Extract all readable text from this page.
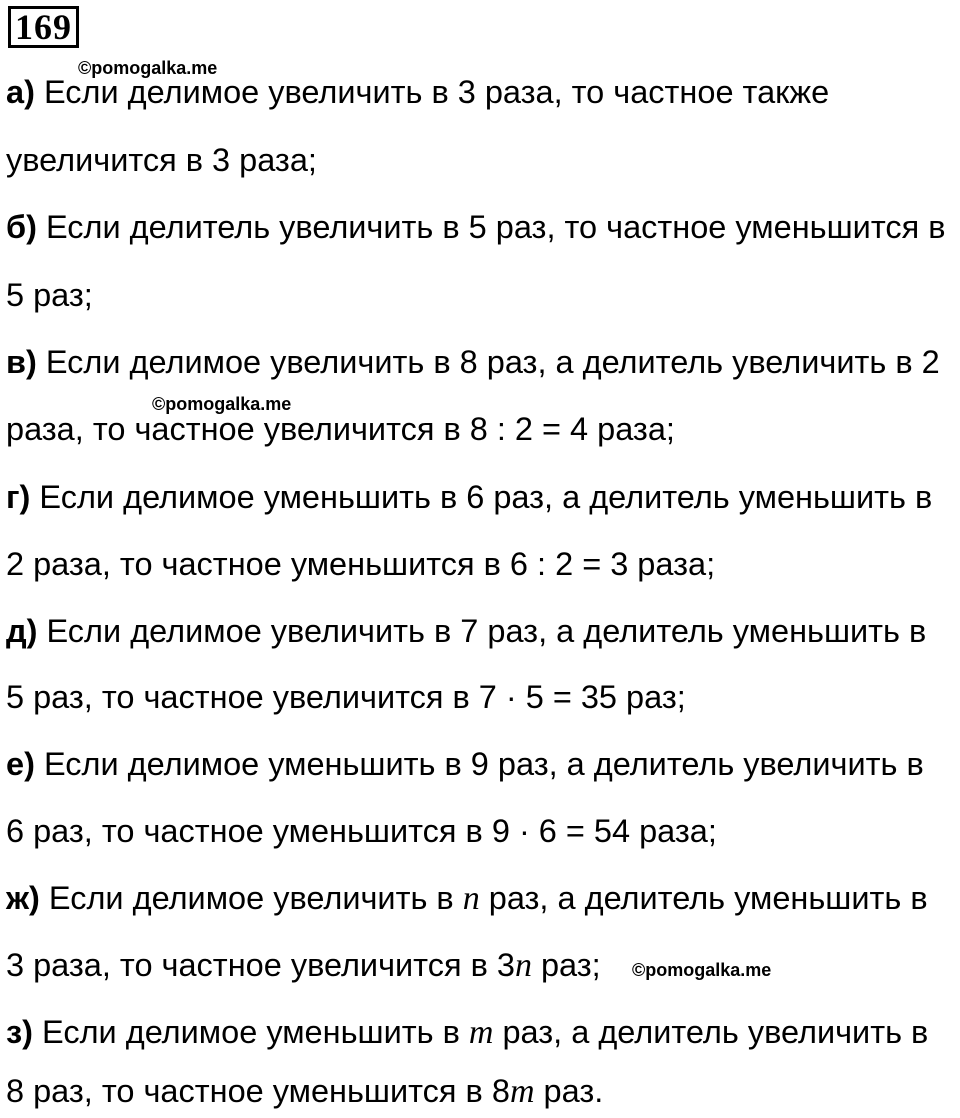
169
а) Если делимое увеличить в 3 раза, то частное также
увеличится в 3 раза;
б) Если делитель увеличить в 5 раз, то частное уменьшится в
5 раз;
в) Если делимое увеличить в 8 раз, а делитель увеличить в 2
раза, то частное увеличится в 8 : 2 = 4 раза;
г) Если делимое уменьшить в 6 раз, а делитель уменьшить в
2 раза, то частное уменьшится в 6 : 2 = 3 раза;
д) Если делимое увеличить в 7 раз, а делитель уменьшить в
5 раз, то частное увеличится в 7 · 5 = 35 раз;
е) Если делимое уменьшить в 9 раз, а делитель увеличить в
6 раз, то частное уменьшится в 9 · 6 = 54 раза;
ж) Если делимое увеличить в n раз, а делитель уменьшить в
3 раза, то частное увеличится в 3n раз;
з) Если делимое уменьшить в m раз, а делитель увеличить в
8 раз, то частное уменьшится в 8m раз.
©pomogalka.me
©pomogalka.me
©pomogalka.me
